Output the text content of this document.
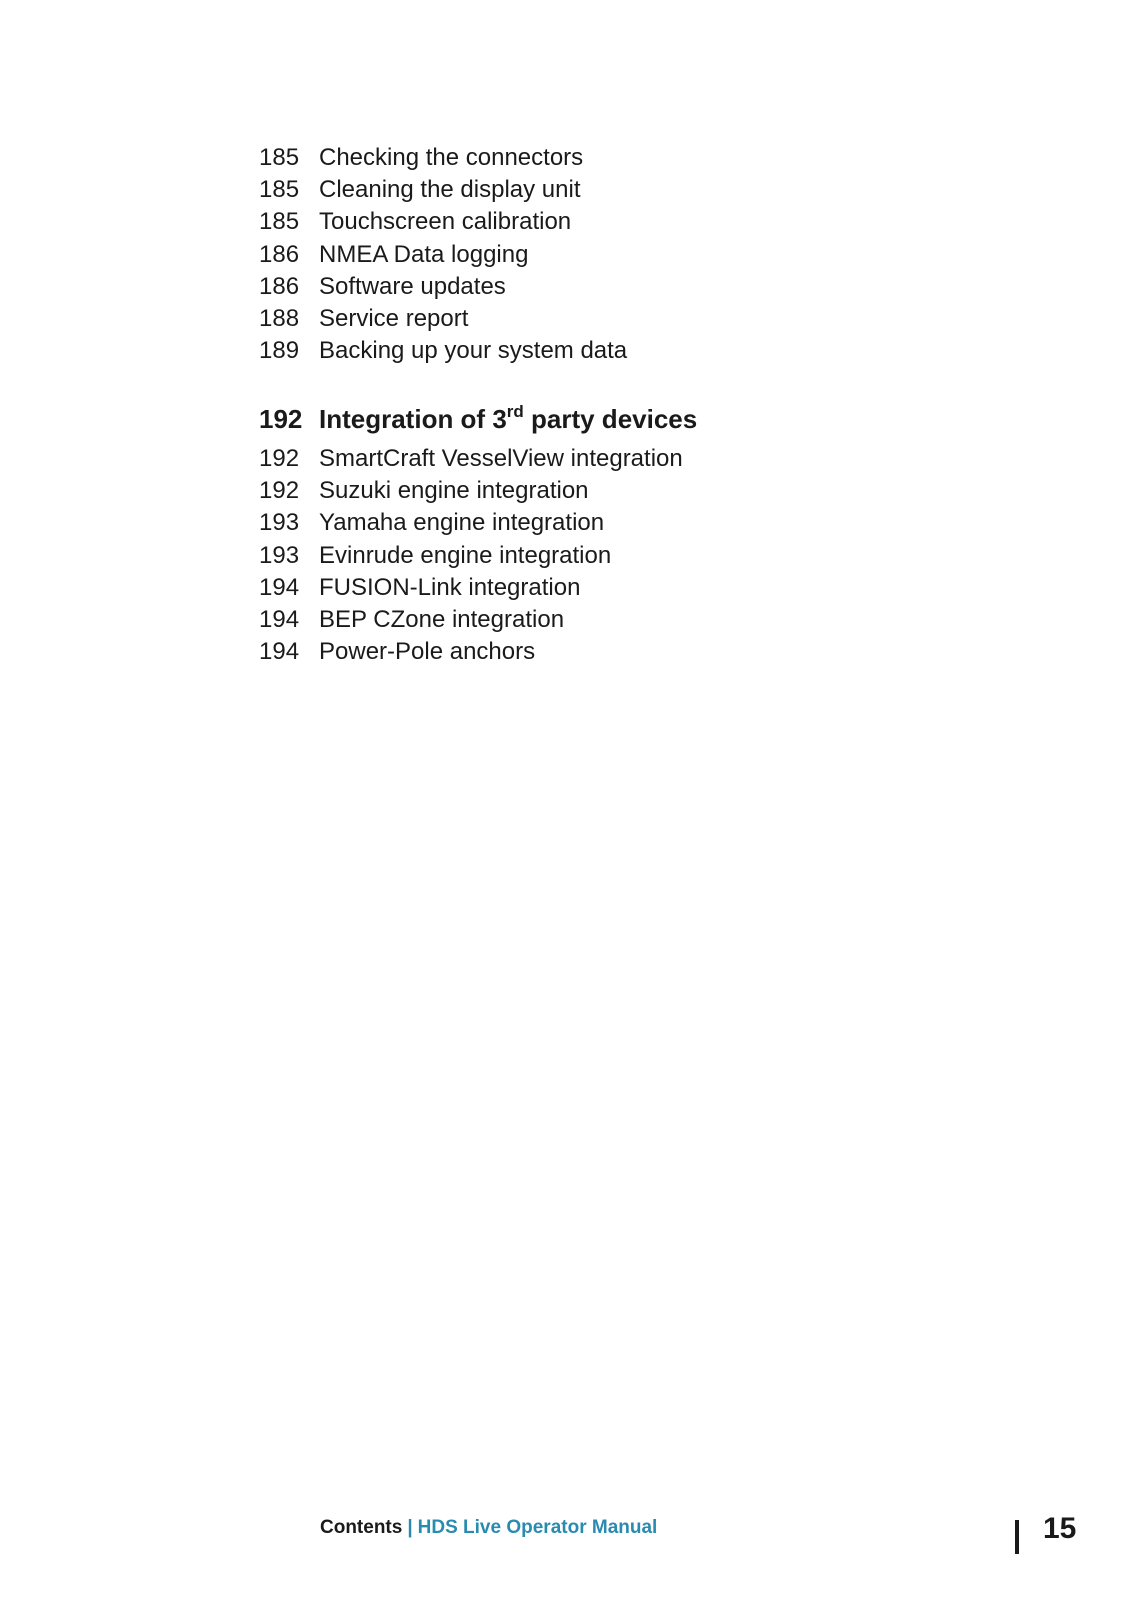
185 Checking the connectors
185 Cleaning the display unit
185 Touchscreen calibration
186 NMEA Data logging
186 Software updates
188 Service report
189 Backing up your system data
192 Integration of 3rd party devices
192 SmartCraft VesselView integration
192 Suzuki engine integration
193 Yamaha engine integration
193 Evinrude engine integration
194 FUSION-Link integration
194 BEP CZone integration
194 Power-Pole anchors
Contents | HDS Live Operator Manual	15
